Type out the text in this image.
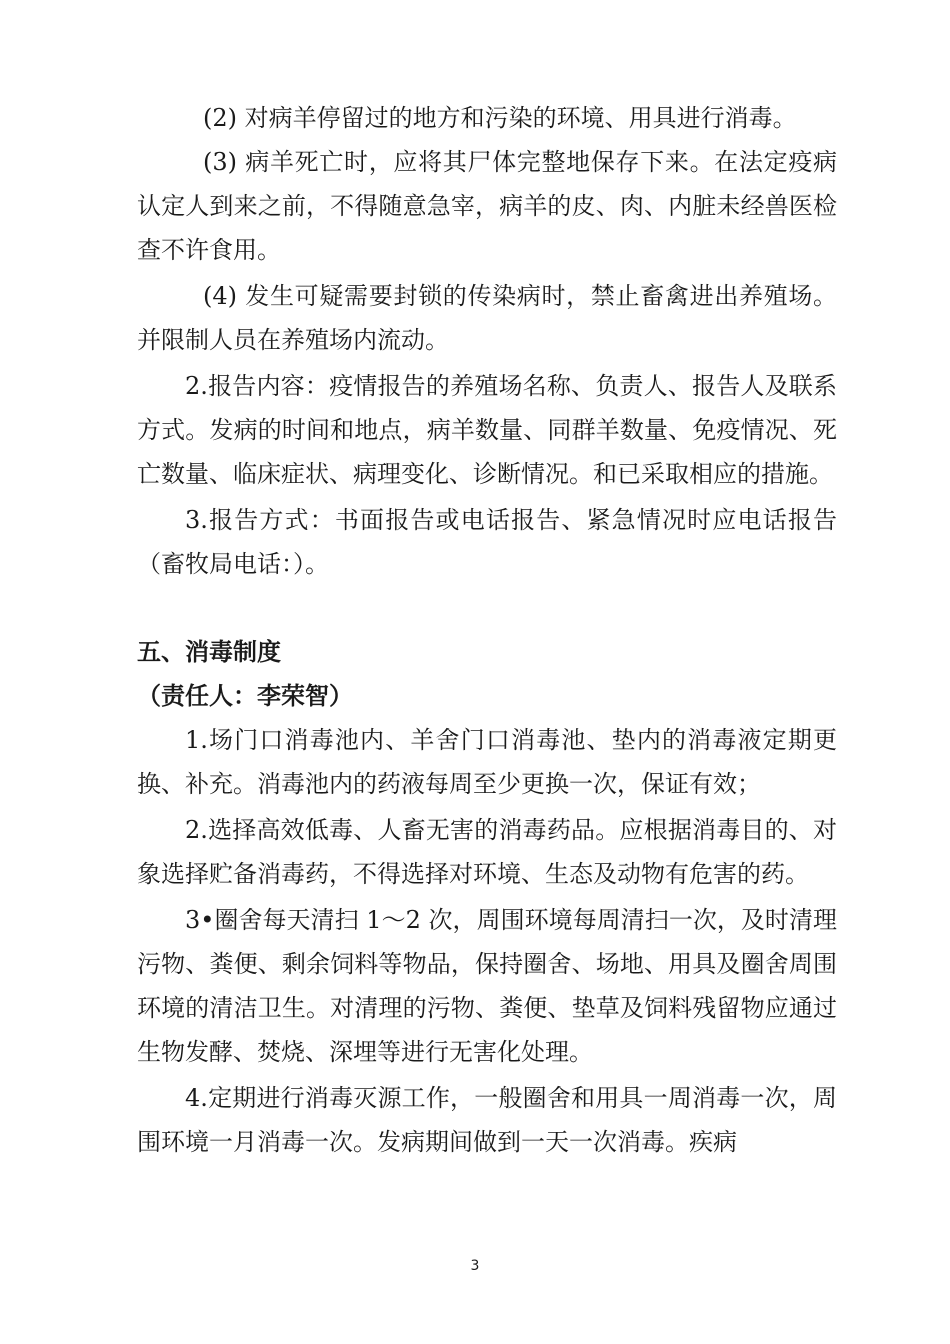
(2) 对病羊停留过的地方和污染的环境、用具进行消毒。

(3) 病羊死亡时，应将其尸体完整地保存下来。在法定疫病认定人到来之前，不得随意急宰，病羊的皮、肉、内脏未经兽医检查不许食用。

(4) 发生可疑需要封锁的传染病时，禁止畜禽进出养殖场。并限制人员在养殖场内流动。

2.报告内容：疫情报告的养殖场名称、负责人、报告人及联系方式。发病的时间和地点，病羊数量、同群羊数量、免疫情况、死亡数量、临床症状、病理变化、诊断情况。和已采取相应的措施。

3.报告方式：书面报告或电话报告、紧急情况时应电话报告（畜牧局电话：）。

五、消毒制度

（责任人：李荣智）

1.场门口消毒池内、羊舍门口消毒池、垫内的消毒液定期更换、补充。消毒池内的药液每周至少更换一次，保证有效；

2.选择高效低毒、人畜无害的消毒药品。应根据消毒目的、对象选择贮备消毒药，不得选择对环境、生态及动物有危害的药。

3•圈舍每天清扫 1〜2 次，周围环境每周清扫一次，及时清理污物、粪便、剩余饲料等物品，保持圈舍、场地、用具及圈舍周围环境的清洁卫生。对清理的污物、粪便、垫草及饲料残留物应通过生物发酵、焚烧、深埋等进行无害化处理。

4.定期进行消毒灭源工作，一般圈舍和用具一周消毒一次，周围环境一月消毒一次。发病期间做到一天一次消毒。疾病

3
